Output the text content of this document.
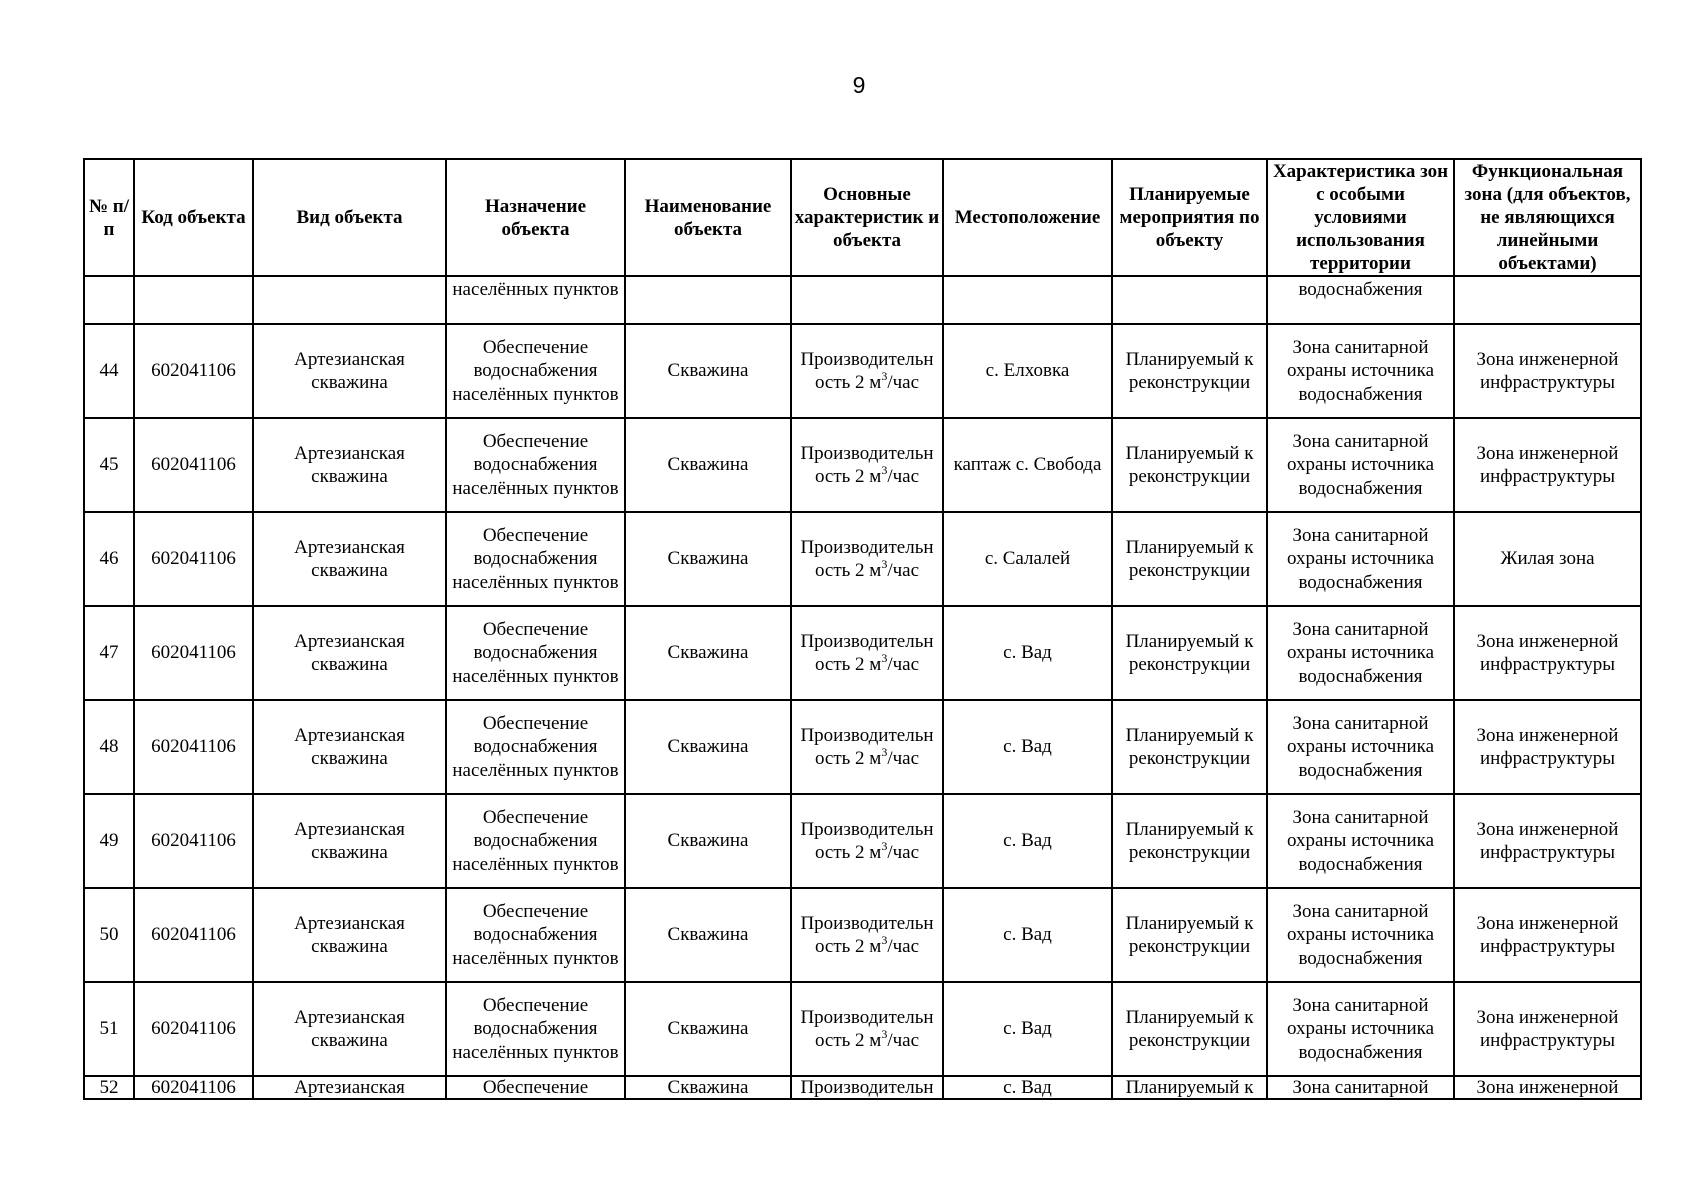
9
№ п/п	Код объекта	Вид объекта	Назначение объекта	Наименование объекта	Основные характеристик и объекта	Местоположение	Планируемые мероприятия по объекту	Характеристика зон с особыми условиями использования территории	Функциональная зона (для объектов, не являющихся линейными объектами)
			населённых пунктов					водоснабжения	
44	602041106	Артезианская скважина	Обеспечение водоснабжения населённых пунктов	Скважина	Производительн ость 2 $м^3$/час	с. Елховка	Планируемый к реконструкции	Зона санитарной охраны источника водоснабжения	Зона инженерной инфраструктуры
45	602041106	Артезианская скважина	Обеспечение водоснабжения населённых пунктов	Скважина	Производительн ость 2 $м^3$/час	каптаж с. Свобода	Планируемый к реконструкции	Зона санитарной охраны источника водоснабжения	Зона инженерной инфраструктуры
46	602041106	Артезианская скважина	Обеспечение водоснабжения населённых пунктов	Скважина	Производительн ость 2 $м^3$/час	с. Салалей	Планируемый к реконструкции	Зона санитарной охраны источника водоснабжения	Жилая зона
47	602041106	Артезианская скважина	Обеспечение водоснабжения населённых пунктов	Скважина	Производительн ость 2 $м^3$/час	с. Вад	Планируемый к реконструкции	Зона санитарной охраны источника водоснабжения	Зона инженерной инфраструктуры
48	602041106	Артезианская скважина	Обеспечение водоснабжения населённых пунктов	Скважина	Производительн ость 2 $м^3$/час	с. Вад	Планируемый к реконструкции	Зона санитарной охраны источника водоснабжения	Зона инженерной инфраструктуры
49	602041106	Артезианская скважина	Обеспечение водоснабжения населённых пунктов	Скважина	Производительн ость 2 $м^3$/час	с. Вад	Планируемый к реконструкции	Зона санитарной охраны источника водоснабжения	Зона инженерной инфраструктуры
50	602041106	Артезианская скважина	Обеспечение водоснабжения населённых пунктов	Скважина	Производительн ость 2 $м^3$/час	с. Вад	Планируемый к реконструкции	Зона санитарной охраны источника водоснабжения	Зона инженерной инфраструктуры
51	602041106	Артезианская скважина	Обеспечение водоснабжения населённых пунктов	Скважина	Производительн ость 2 $м^3$/час	с. Вад	Планируемый к реконструкции	Зона санитарной охраны источника водоснабжения	Зона инженерной инфраструктуры

52	602041106	Артезианская	Обеспечение	Скважина	Производительн	с. Вад	Планируемый к	Зона санитарной	Зона инженерной
